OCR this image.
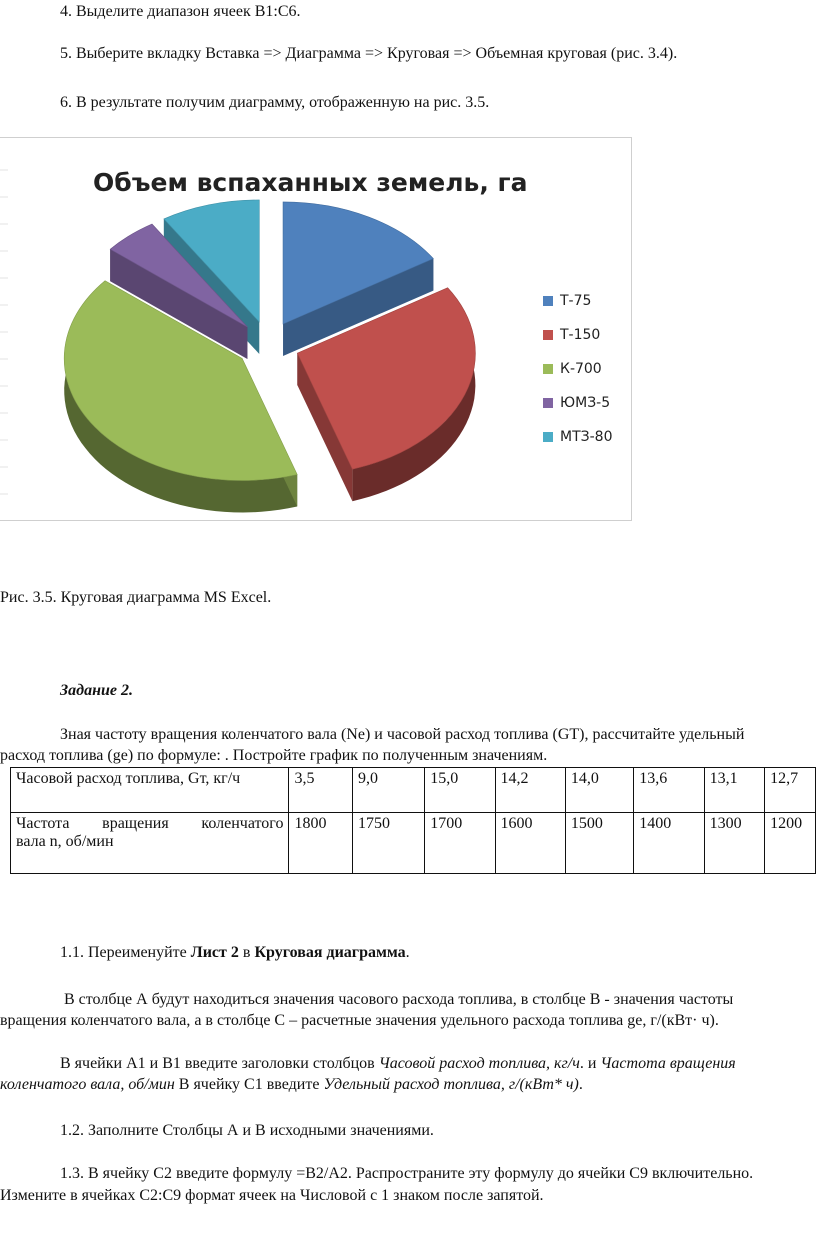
4. Выделите диапазон ячеек B1:C6.
5. Выберите вкладку Вставка => Диаграмма => Круговая => Объемная круговая (рис. 3.4).
6. В результате получим диаграмму, отображенную на рис. 3.5.
Объем вспаханных земель, га
Т-75
Т-150
К-700
ЮМЗ-5
МТЗ-80
Рис. 3.5. Круговая диаграмма MS Excel.
Задание 2.
Зная частоту вращения коленчатого вала (Ne) и часовой расход топлива (GT), рассчитайте удельный
расход топлива (ge) по формуле: . Постройте график по полученным значениям.
Часовой расход топлива, Gт, кг/ч	3,5	9,0	15,0	14,2	14,0	13,6	13,1	12,7

Частота вращения коленчатого
вала n, об/мин	1800	1750	1700	1600	1500	1400	1300	1200
1.1. Переименуйте Лист 2 в Круговая диаграмма.
В столбце А будут находиться значения часового расхода топлива, в столбце В - значения частоты
вращения коленчатого вала, а в столбце С – расчетные значения удельного расхода топлива ge, г/(кВт· ч).
В ячейки А1 и В1 введите заголовки столбцов Часовой расход топлива, кг/ч. и Частота вращения
коленчатого вала, об/мин В ячейку С1 введите Удельный расход топлива, г/(кВт* ч).
1.2. Заполните Столбцы А и В исходными значениями.
1.3. В ячейку С2 введите формулу =B2/A2. Распространите эту формулу до ячейки С9 включительно.
Измените в ячейках С2:С9 формат ячеек на Числовой с 1 знаком после запятой.
